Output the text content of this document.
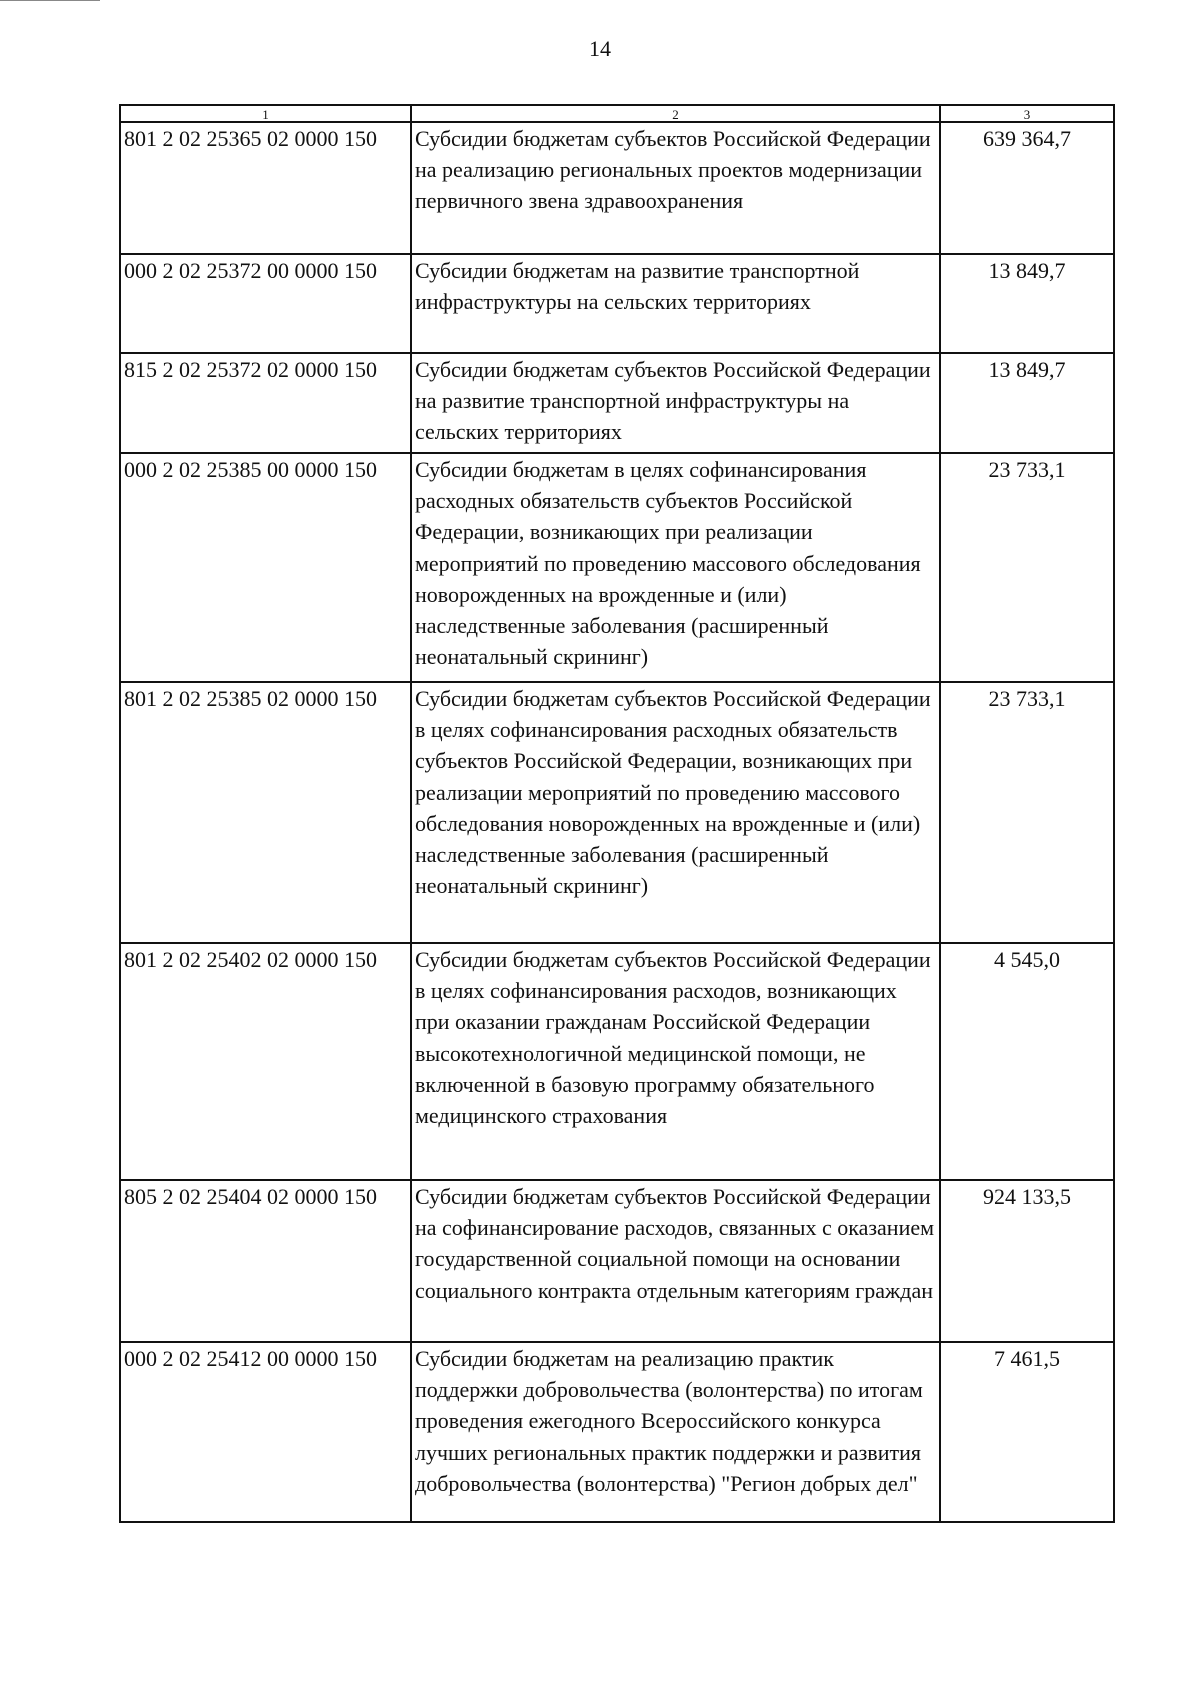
14
1	2	3
801 2 02 25365 02 0000 150	Субсидии бюджетам субъектов Российской Федерации на реализацию региональных проектов модернизации первичного звена здравоохранения	639 364,7
000 2 02 25372 00 0000 150	Субсидии бюджетам на развитие транспортной инфраструктуры на сельских территориях	13 849,7
815 2 02 25372 02 0000 150	Субсидии бюджетам субъектов Российской Федерации на развитие транспортной инфраструктуры на сельских территориях	13 849,7
000 2 02 25385 00 0000 150	Субсидии бюджетам в целях софинансирования расходных обязательств субъектов Российской Федерации, возникающих при реализации мероприятий по проведению массового обследования новорожденных на врожденные и (или) наследственные заболевания (расширенный неонатальный скрининг)	23 733,1
801 2 02 25385 02 0000 150	Субсидии бюджетам субъектов Российской Федерации в целях софинансирования расходных обязательств субъектов Российской Федерации, возникающих при реализации мероприятий по проведению массового обследования новорожденных на врожденные и (или) наследственные заболевания (расширенный неонатальный скрининг)	23 733,1
801 2 02 25402 02 0000 150	Субсидии бюджетам субъектов Российской Федерации в целях софинансирования расходов, возникающих при оказании гражданам Российской Федерации высокотехнологичной медицинской помощи, не включенной в базовую программу обязательного медицинского страхования	4 545,0
805 2 02 25404 02 0000 150	Субсидии бюджетам субъектов Российской Федерации на софинансирование расходов, связанных с оказанием государственной социальной помощи на основании социального контракта отдельным категориям граждан	924 133,5
000 2 02 25412 00 0000 150	Субсидии бюджетам на реализацию практик поддержки добровольчества (волонтерства) по итогам проведения ежегодного Всероссийского конкурса лучших региональных практик поддержки и развития добровольчества (волонтерства) "Регион добрых дел"	7 461,5
